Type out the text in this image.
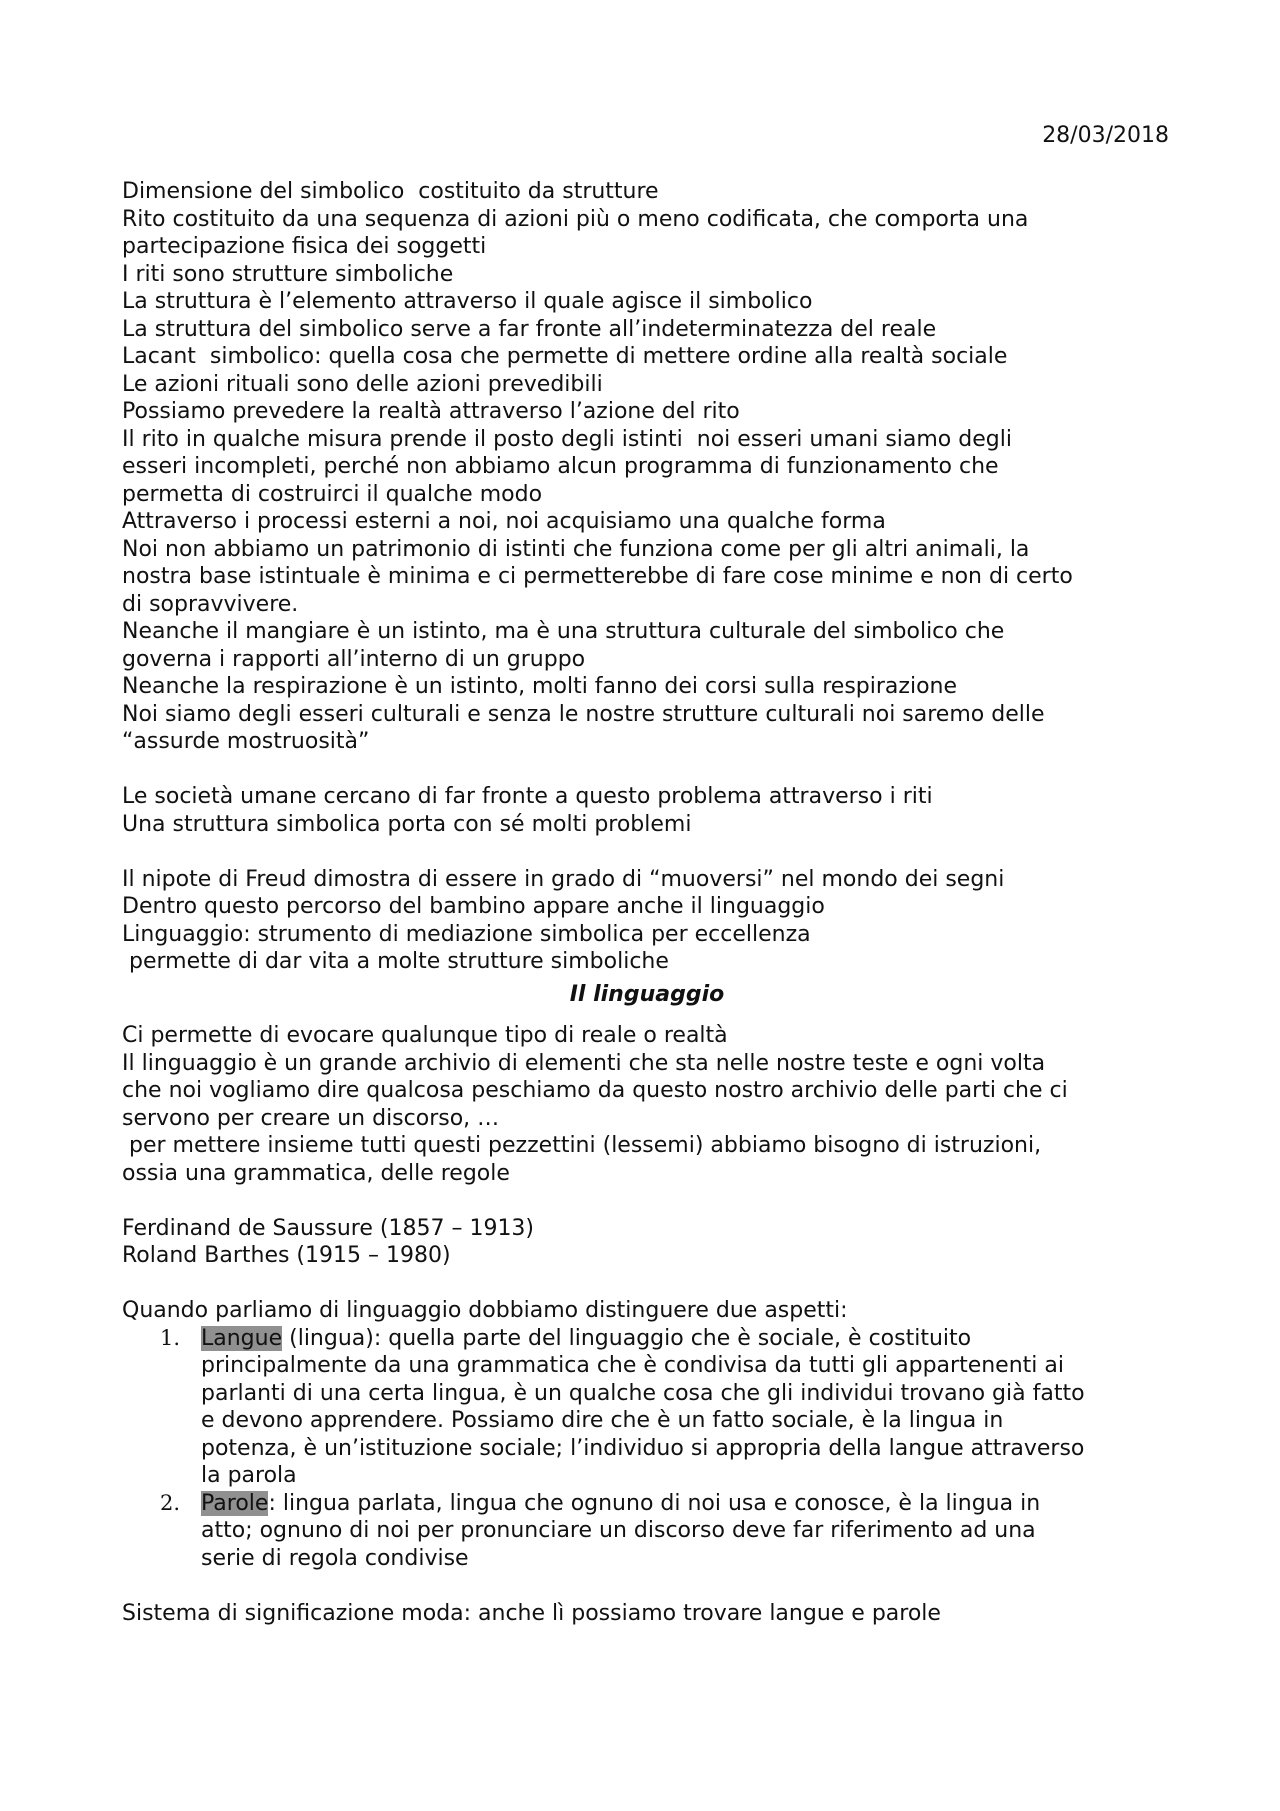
28/03/2018
Dimensione del simbolico  costituito da strutture
Rito costituito da una sequenza di azioni più o meno codificata, che comporta una
partecipazione fisica dei soggetti
I riti sono strutture simboliche
La struttura è l’elemento attraverso il quale agisce il simbolico
La struttura del simbolico serve a far fronte all’indeterminatezza del reale
Lacant  simbolico: quella cosa che permette di mettere ordine alla realtà sociale
Le azioni rituali sono delle azioni prevedibili
Possiamo prevedere la realtà attraverso l’azione del rito
Il rito in qualche misura prende il posto degli istinti  noi esseri umani siamo degli
esseri incompleti, perché non abbiamo alcun programma di funzionamento che
permetta di costruirci il qualche modo
Attraverso i processi esterni a noi, noi acquisiamo una qualche forma
Noi non abbiamo un patrimonio di istinti che funziona come per gli altri animali, la
nostra base istintuale è minima e ci permetterebbe di fare cose minime e non di certo
di sopravvivere.
Neanche il mangiare è un istinto, ma è una struttura culturale del simbolico che
governa i rapporti all’interno di un gruppo
Neanche la respirazione è un istinto, molti fanno dei corsi sulla respirazione
Noi siamo degli esseri culturali e senza le nostre strutture culturali noi saremo delle
“assurde mostruosità”
Le società umane cercano di far fronte a questo problema attraverso i riti
Una struttura simbolica porta con sé molti problemi
Il nipote di Freud dimostra di essere in grado di “muoversi” nel mondo dei segni
Dentro questo percorso del bambino appare anche il linguaggio
Linguaggio: strumento di mediazione simbolica per eccellenza
permette di dar vita a molte strutture simboliche
Il linguaggio
Ci permette di evocare qualunque tipo di reale o realtà
Il linguaggio è un grande archivio di elementi che sta nelle nostre teste e ogni volta
che noi vogliamo dire qualcosa peschiamo da questo nostro archivio delle parti che ci
servono per creare un discorso, …
per mettere insieme tutti questi pezzettini (lessemi) abbiamo bisogno di istruzioni,
ossia una grammatica, delle regole
Ferdinand de Saussure (1857 – 1913)
Roland Barthes (1915 – 1980)
Quando parliamo di linguaggio dobbiamo distinguere due aspetti:
1. Langue (lingua): quella parte del linguaggio che è sociale, è costituito
principalmente da una grammatica che è condivisa da tutti gli appartenenti ai
parlanti di una certa lingua, è un qualche cosa che gli individui trovano già fatto
e devono apprendere. Possiamo dire che è un fatto sociale, è la lingua in
potenza, è un’istituzione sociale; l’individuo si appropria della langue attraverso
la parola
2. Parole: lingua parlata, lingua che ognuno di noi usa e conosce, è la lingua in
atto; ognuno di noi per pronunciare un discorso deve far riferimento ad una
serie di regola condivise
Sistema di significazione moda: anche lì possiamo trovare langue e parole
